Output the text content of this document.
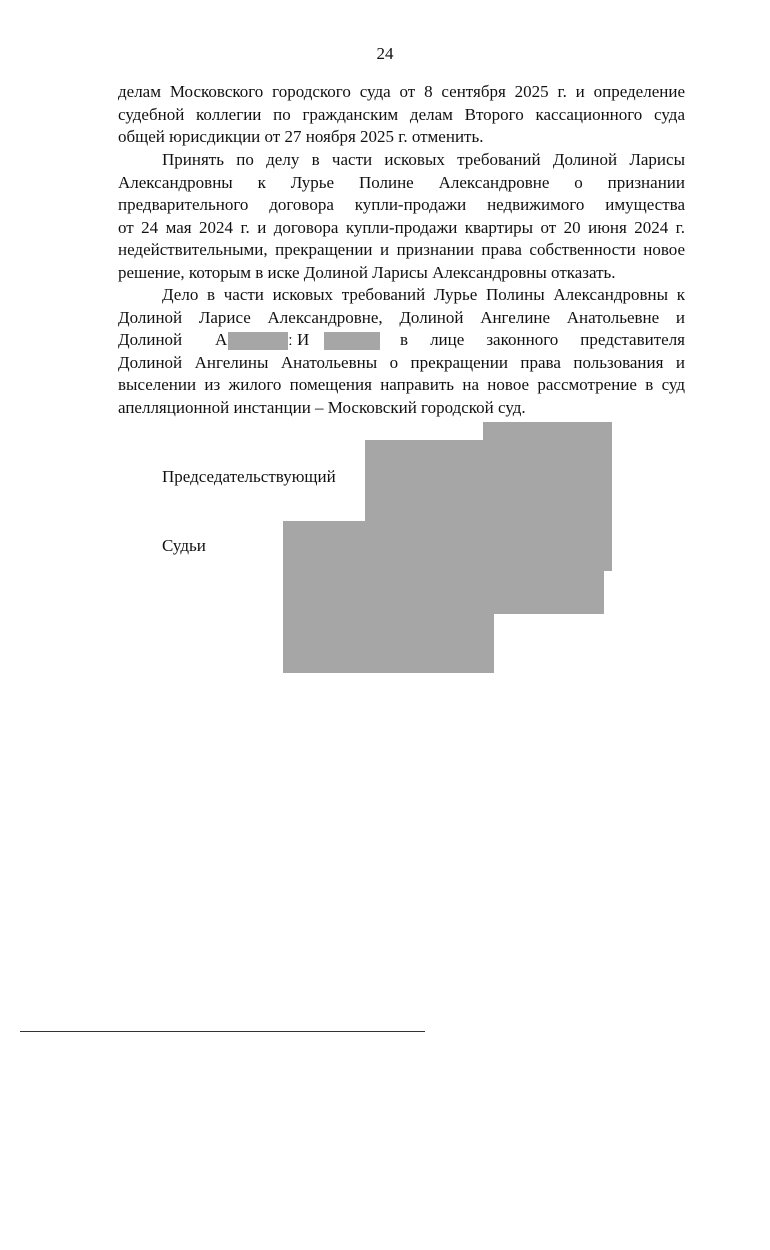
24
делам Московского городского суда от 8 сентября 2025 г. и определение
судебной коллегии по гражданским делам Второго кассационного суда
общей юрисдикции от 27 ноября 2025 г. отменить.
Принять по делу в части исковых требований Долиной Ларисы
Александровны к Лурье Полине Александровне о признании
предварительного договора купли-продажи недвижимого имущества
от 24 мая 2024 г. и договора купли-продажи квартиры от 20 июня 2024 г.
недействительными, прекращении и признании права собственности новое
решение, которым в иске Долиной Ларисы Александровны отказать.
Дело в части исковых требований Лурье Полины Александровны к
Долиной Ларисе Александровне, Долиной Ангелине Анатольевне и
Долиной А	ː И	в лице законного представителя
Долиной Ангелины Анатольевны о прекращении права пользования и
выселении из жилого помещения направить на новое рассмотрение в суд
апелляционной инстанции – Московский городской суд.
Председательствующий
Судьи
